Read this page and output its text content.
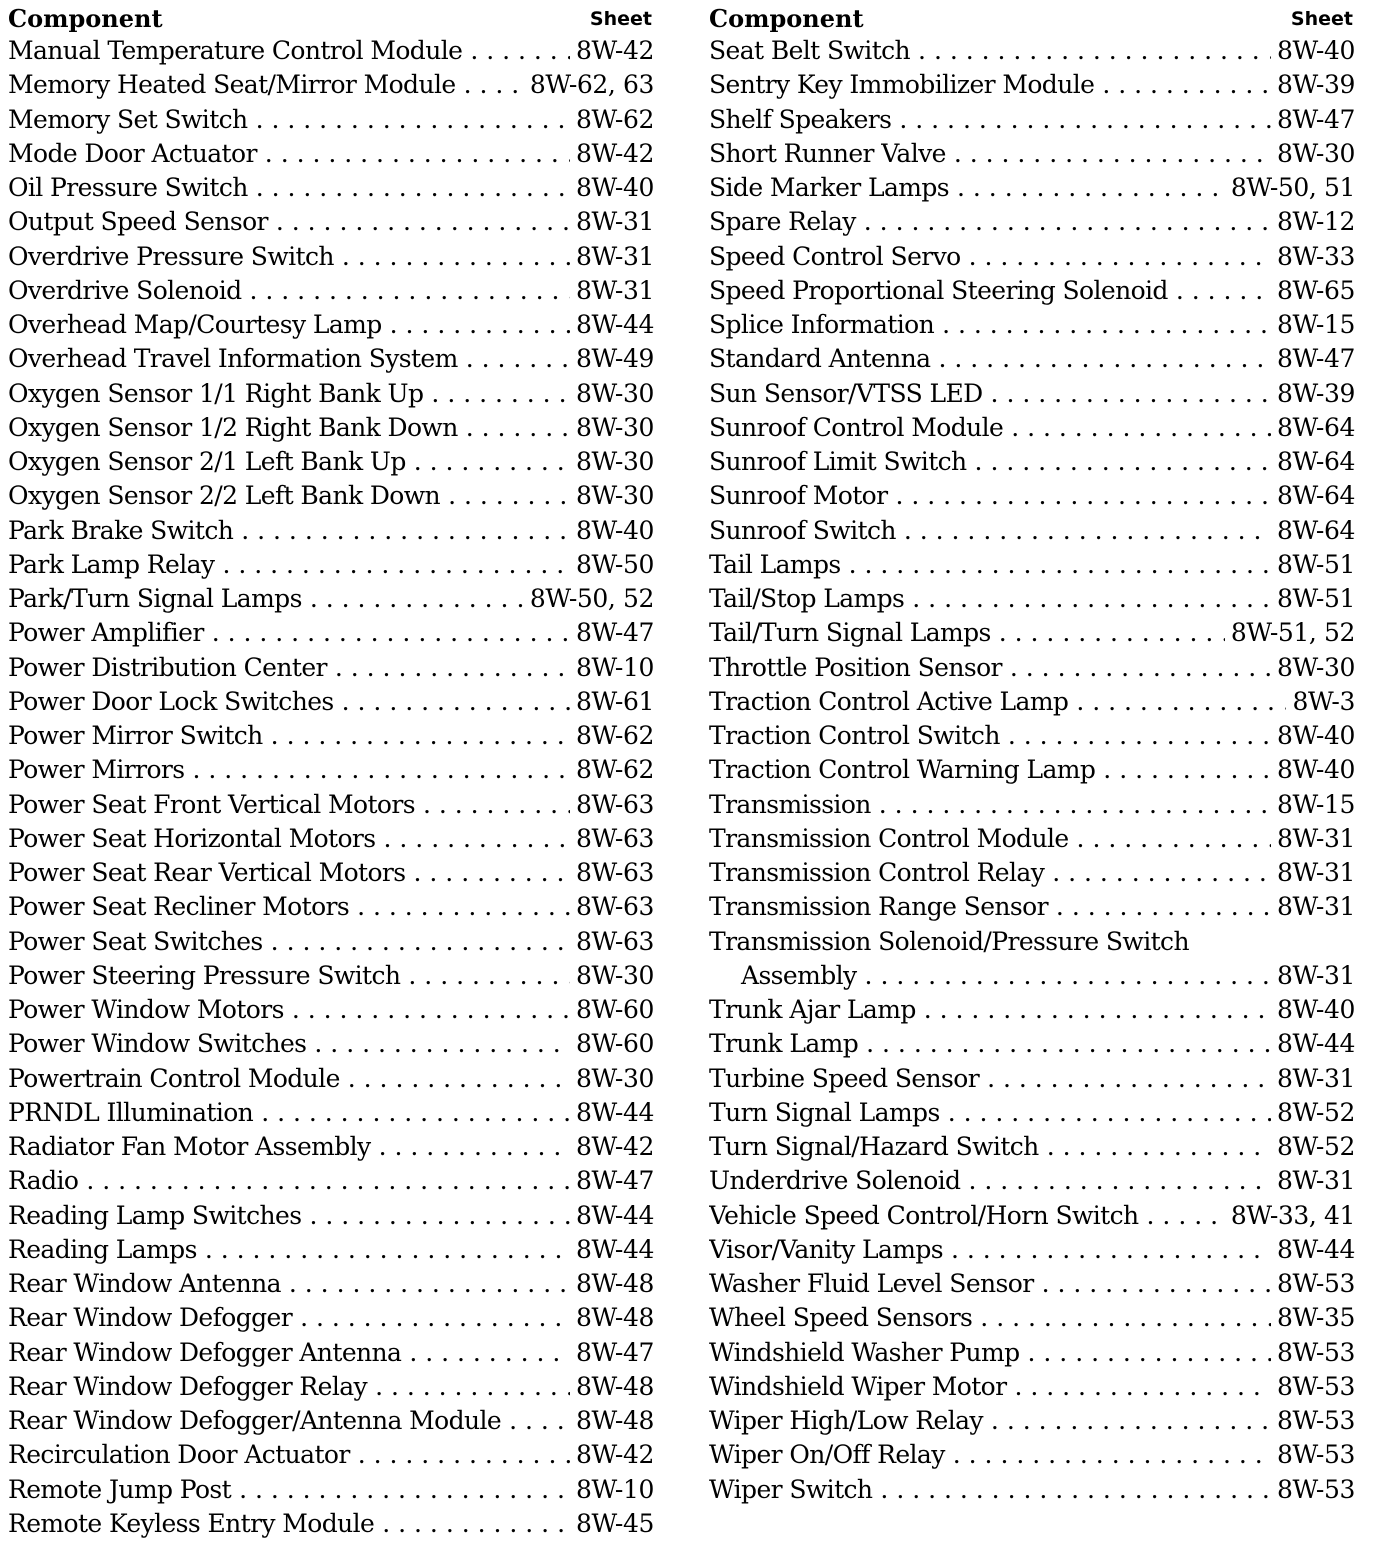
Component	Sheet
Manual Temperature Control Module . . .	8W-42
Memory Heated Seat/Mirror Module . . .	8W-62, 63
Memory Set Switch . . .	8W-62
Mode Door Actuator . . .	8W-42
Oil Pressure Switch . . .	8W-40
Output Speed Sensor . . .	8W-31
Overdrive Pressure Switch . . .	8W-31
Overdrive Solenoid . . .	8W-31
Overhead Map/Courtesy Lamp . . .	8W-44
Overhead Travel Information System . . .	8W-49
Oxygen Sensor 1/1 Right Bank Up . . .	8W-30
Oxygen Sensor 1/2 Right Bank Down . . .	8W-30
Oxygen Sensor 2/1 Left Bank Up . . .	8W-30
Oxygen Sensor 2/2 Left Bank Down . . .	8W-30
Park Brake Switch . . .	8W-40
Park Lamp Relay . . .	8W-50
Park/Turn Signal Lamps . . .	8W-50, 52
Power Amplifier . . .	8W-47
Power Distribution Center . . .	8W-10
Power Door Lock Switches . . .	8W-61
Power Mirror Switch . . .	8W-62
Power Mirrors . . .	8W-62
Power Seat Front Vertical Motors . . .	8W-63
Power Seat Horizontal Motors . . .	8W-63
Power Seat Rear Vertical Motors . . .	8W-63
Power Seat Recliner Motors . . .	8W-63
Power Seat Switches . . .	8W-63
Power Steering Pressure Switch . . .	8W-30
Power Window Motors . . .	8W-60
Power Window Switches . . .	8W-60
Powertrain Control Module . . .	8W-30
PRNDL Illumination . . .	8W-44
Radiator Fan Motor Assembly . . .	8W-42
Radio . . .	8W-47
Reading Lamp Switches . . .	8W-44
Reading Lamps . . .	8W-44
Rear Window Antenna . . .	8W-48
Rear Window Defogger . . .	8W-48
Rear Window Defogger Antenna . . .	8W-47
Rear Window Defogger Relay . . .	8W-48
Rear Window Defogger/Antenna Module . . .	8W-48
Recirculation Door Actuator . . .	8W-42
Remote Jump Post . . .	8W-10
Remote Keyless Entry Module . . .	8W-45
Component	Sheet
Seat Belt Switch . . .	8W-40
Sentry Key Immobilizer Module . . .	8W-39
Shelf Speakers . . .	8W-47
Short Runner Valve . . .	8W-30
Side Marker Lamps . . .	8W-50, 51
Spare Relay . . .	8W-12
Speed Control Servo . . .	8W-33
Speed Proportional Steering Solenoid . . .	8W-65
Splice Information . . .	8W-15
Standard Antenna . . .	8W-47
Sun Sensor/VTSS LED . . .	8W-39
Sunroof Control Module . . .	8W-64
Sunroof Limit Switch . . .	8W-64
Sunroof Motor . . .	8W-64
Sunroof Switch . . .	8W-64
Tail Lamps . . .	8W-51
Tail/Stop Lamps . . .	8W-51
Tail/Turn Signal Lamps . . .	8W-51, 52
Throttle Position Sensor . . .	8W-30
Traction Control Active Lamp . . .	8W-3
Traction Control Switch . . .	8W-40
Traction Control Warning Lamp . . .	8W-40
Transmission . . .	8W-15
Transmission Control Module . . .	8W-31
Transmission Control Relay . . .	8W-31
Transmission Range Sensor . . .	8W-31
Transmission Solenoid/Pressure Switch
Assembly . . .	8W-31
Trunk Ajar Lamp . . .	8W-40
Trunk Lamp . . .	8W-44
Turbine Speed Sensor . . .	8W-31
Turn Signal Lamps . . .	8W-52
Turn Signal/Hazard Switch . . .	8W-52
Underdrive Solenoid . . .	8W-31
Vehicle Speed Control/Horn Switch . . .	8W-33, 41
Visor/Vanity Lamps . . .	8W-44
Washer Fluid Level Sensor . . .	8W-53
Wheel Speed Sensors . . .	8W-35
Windshield Washer Pump . . .	8W-53
Windshield Wiper Motor . . .	8W-53
Wiper High/Low Relay . . .	8W-53
Wiper On/Off Relay . . .	8W-53
Wiper Switch . . .	8W-53
